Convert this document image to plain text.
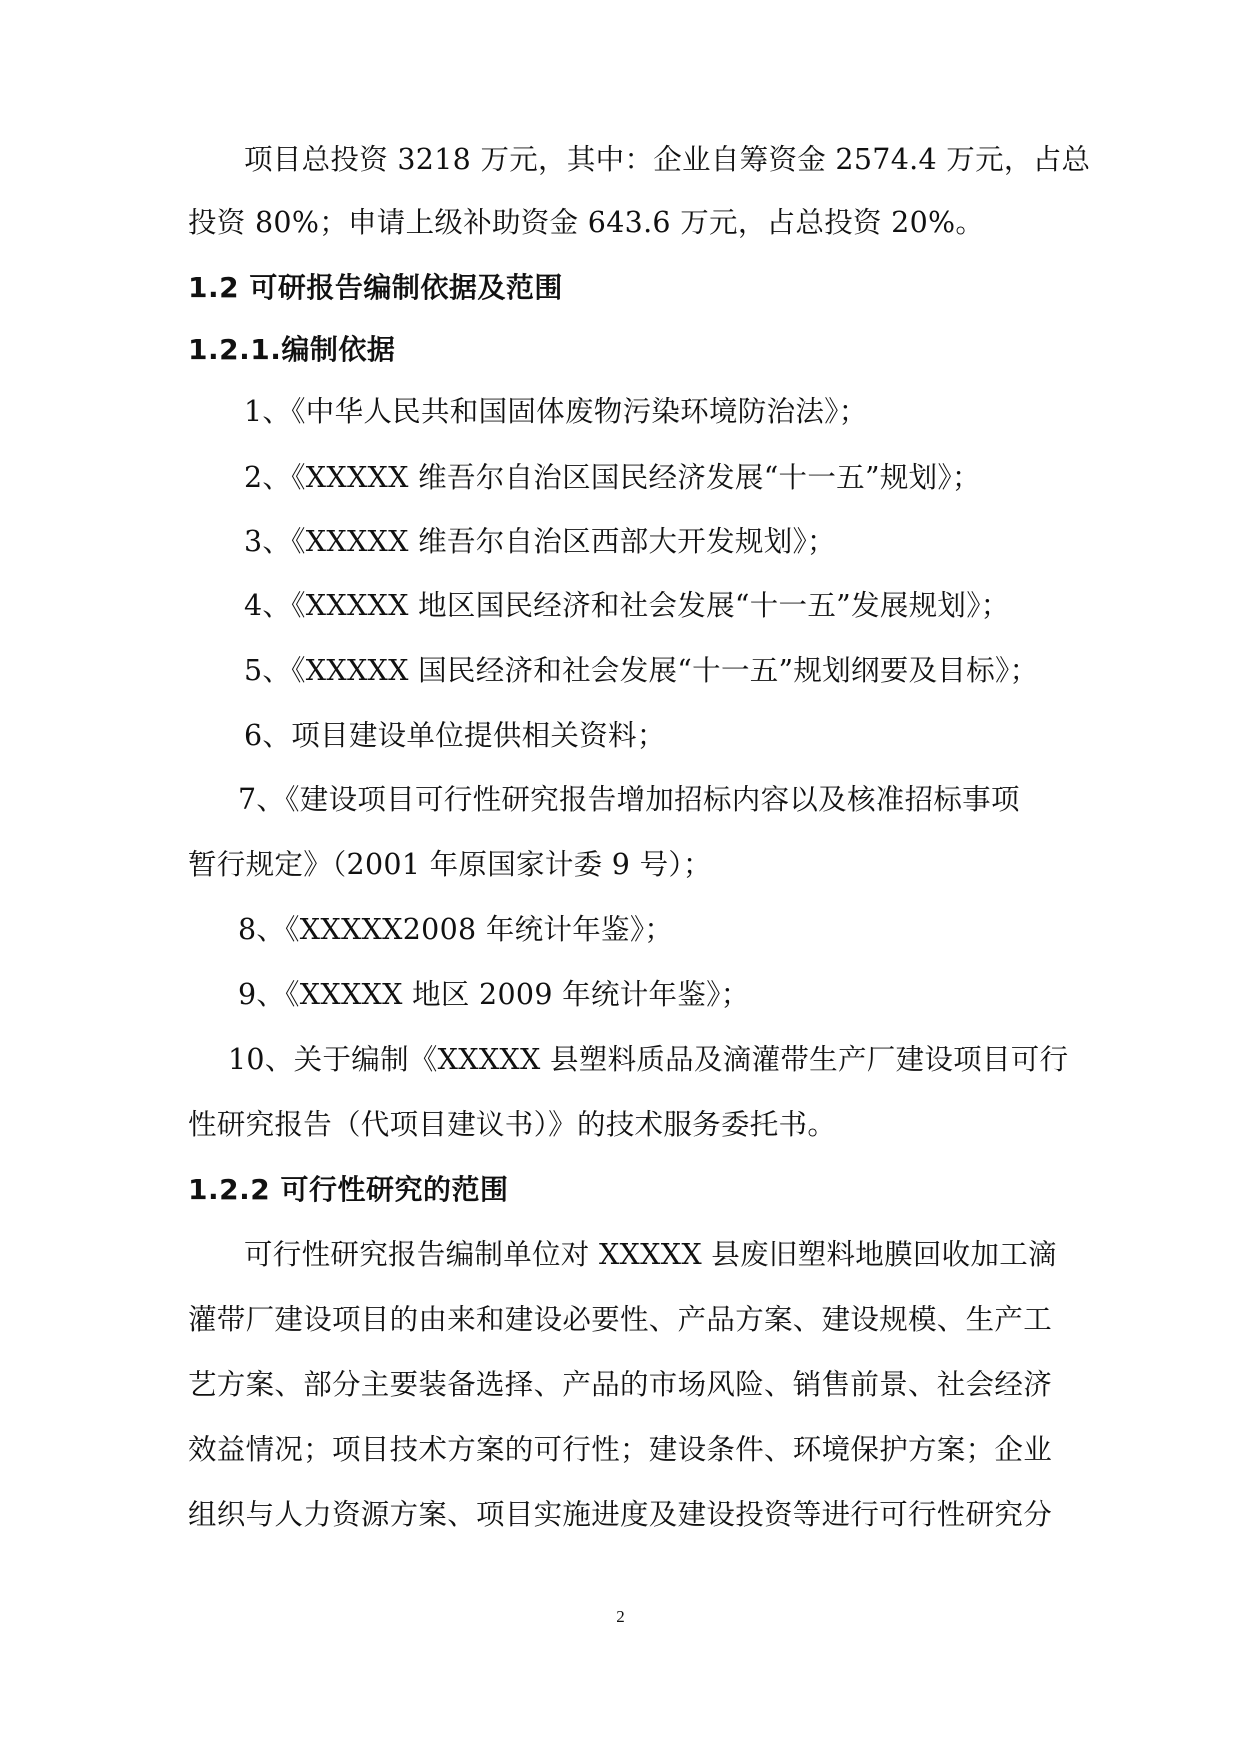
项目总投资 3218 万元，其中：企业自筹资金 2574.4 万元，占总

投资 80%；申请上级补助资金 643.6 万元，占总投资 20%。

1.2 可研报告编制依据及范围
1.2.1.编制依据

1、《中华人民共和国固体废物污染环境防治法》；

2、《XXXXX 维吾尔自治区国民经济发展“十一五”规划》；

3、《XXXXX 维吾尔自治区西部大开发规划》；

4、《XXXXX 地区国民经济和社会发展“十一五”发展规划》；

5、《XXXXX 国民经济和社会发展“十一五”规划纲要及目标》；

6、项目建设单位提供相关资料；

7、《建设项目可行性研究报告增加招标内容以及核准招标事项

暂行规定》（2001 年原国家计委 9 号）；

8、《XXXXX2008 年统计年鉴》；

9、《XXXXX 地区 2009 年统计年鉴》；

10、关于编制《XXXXX 县塑料质品及滴灌带生产厂建设项目可行

性研究报告（代项目建议书）》的技术服务委托书。

1.2.2 可行性研究的范围

可行性研究报告编制单位对 XXXXX 县废旧塑料地膜回收加工滴

灌带厂建设项目的由来和建设必要性、产品方案、建设规模、生产工

艺方案、部分主要装备选择、产品的市场风险、销售前景、社会经济

效益情况；项目技术方案的可行性；建设条件、环境保护方案；企业

组织与人力资源方案、项目实施进度及建设投资等进行可行性研究分

2
